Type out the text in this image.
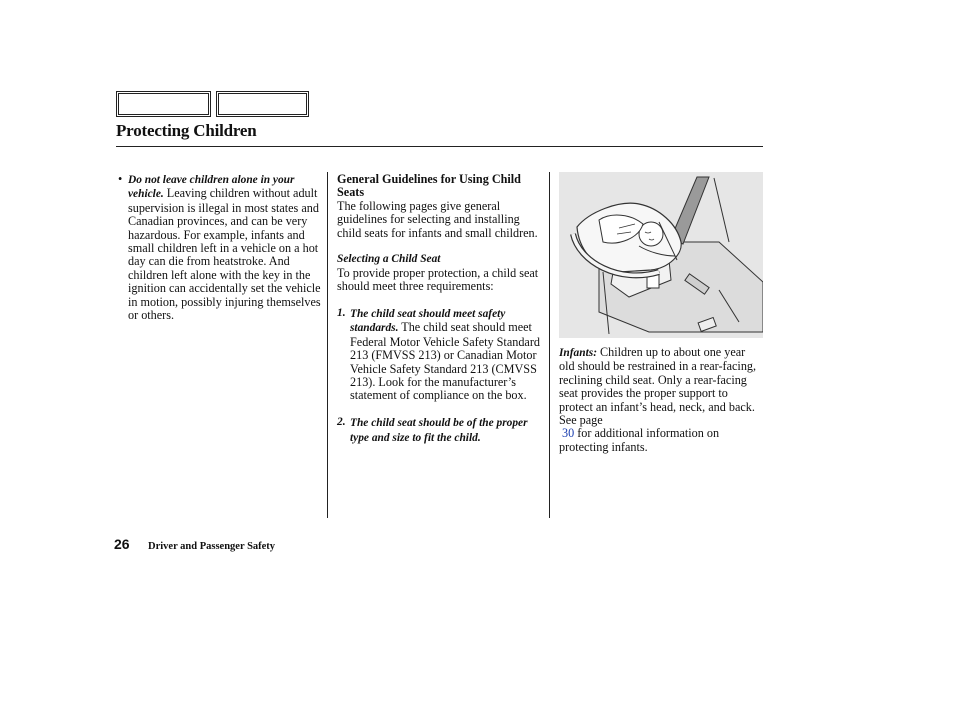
Protecting Children
• Do not leave children alone in your vehicle. Leaving children without adult supervision is illegal in most states and Canadian provinces, and can be very hazardous. For example, infants and small children left in a vehicle on a hot day can die from heatstroke. And children left alone with the key in the ignition can accidentally set the vehicle in motion, possibly injuring themselves or others.

General Guidelines for Using Child Seats

The following pages give general guidelines for selecting and installing child seats for infants and small children.

Selecting a Child Seat

To provide proper protection, a child seat should meet three requirements:

1. The child seat should meet safety standards. The child seat should meet Federal Motor Vehicle Safety Standard 213 (FMVSS 213) or Canadian Motor Vehicle Safety Standard 213 (CMVSS 213). Look for the manufacturer’s statement of compliance on the box.
2. The child seat should be of the proper type and size to fit the child.
Infants: Children up to about one year old should be restrained in a rear-facing, reclining child seat. Only a rear-facing seat provides the proper support to protect an infant’s head, neck, and back. See page
30 for additional information on protecting infants.
26 Driver and Passenger Safety
